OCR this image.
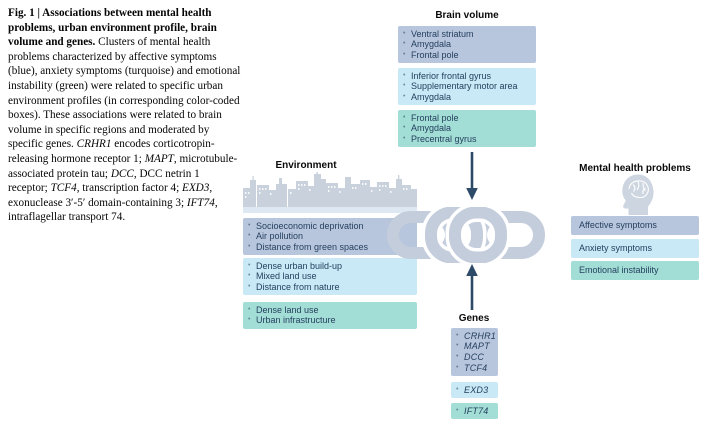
Fig. 1 | Associations between mental health problems, urban environment profile, brain volume and genes. Clusters of mental health problems characterized by affective symptoms (blue), anxiety symptoms (turquoise) and emotional instability (green) were related to specific urban environment profiles (in corresponding color-coded boxes). These associations were related to brain volume in specific regions and moderated by specific genes. CRHR1 encodes corticotropin-releasing hormone receptor 1; MAPT, microtubule-associated protein tau; DCC, DCC netrin 1 receptor; TCF4, transcription factor 4; EXD3, exonuclease 3′-5′ domain-containing 3; IFT74, intraflagellar transport 74.
Brain volume
• Ventral striatum
• Amygdala
• Frontal pole
• Inferior frontal gyrus
• Supplementary motor area
• Amygdala
• Frontal pole
• Amygdala
• Precentral gyrus
Environment
• Socioeconomic deprivation
• Air pollution
• Distance from green spaces
• Dense urban build-up
• Mixed land use
• Distance from nature
• Dense land use
• Urban infrastructure
Mental health problems
Affective symptoms
Anxiety symptoms
Emotional instability
Genes
• CRHR1
• MAPT
• DCC
• TCF4
• EXD3
• IFT74
